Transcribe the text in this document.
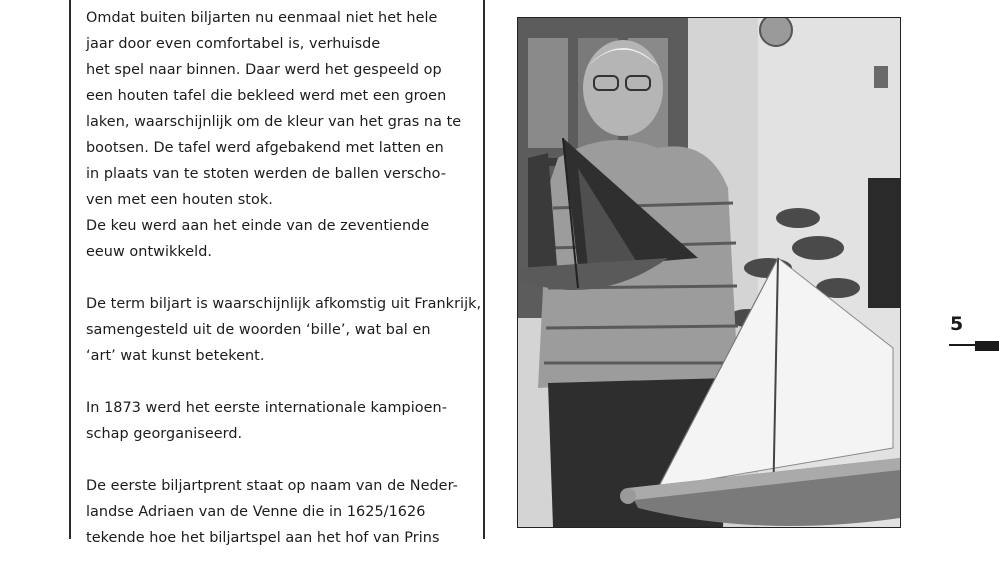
Omdat buiten biljarten nu eenmaal niet het hele
jaar door even comfortabel is, verhuisde
het spel naar binnen. Daar werd het gespeeld op
een houten tafel die bekleed werd met een groen
laken, waarschijnlijk om de kleur van het gras na te
bootsen. De tafel werd afgebakend met latten en
in plaats van te stoten werden de ballen verscho-
ven met een houten stok.
De keu werd aan het einde van de zeventiende
eeuw ontwikkeld.

De term biljart is waarschijnlijk afkomstig uit Frankrijk,
samengesteld uit de woorden ‘bille’, wat bal en
‘art’ wat kunst betekent.

In 1873 werd het eerste internationale kampioen-
schap georganiseerd.

De eerste biljartprent staat op naam van de Neder-
landse Adriaen van de Venne die in 1625/1626
tekende hoe het biljartspel aan het hof van Prins

5
